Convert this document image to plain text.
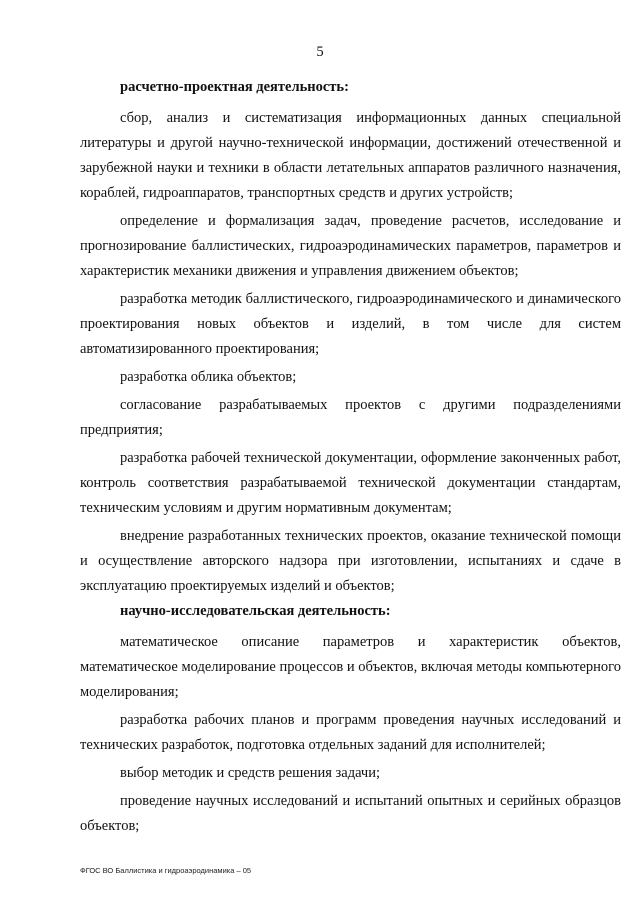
5
расчетно-проектная деятельность:

сбор, анализ и систематизация информационных данных специальной литературы и другой научно-технической информации, достижений отечественной и зарубежной науки и техники в области летательных аппаратов различного назначения, кораблей, гидроаппаратов, транспортных средств и других устройств;

определение и формализация задач, проведение расчетов, исследование и прогнозирование баллистических, гидроаэродинамических параметров, параметров и характеристик механики движения и управления движением объектов;

разработка методик баллистического, гидроаэродинамического и динамического проектирования новых объектов и изделий, в том числе для систем автоматизированного проектирования;

разработка облика объектов;

согласование разрабатываемых проектов с другими подразделениями предприятия;

разработка рабочей технической документации, оформление законченных работ, контроль соответствия разрабатываемой технической документации стандартам, техническим условиям и другим нормативным документам;

внедрение разработанных технических проектов, оказание технической помощи и осуществление авторского надзора при изготовлении, испытаниях и сдаче в эксплуатацию проектируемых изделий и объектов;

научно-исследовательская деятельность:

математическое описание параметров и характеристик объектов, математическое моделирование процессов и объектов, включая методы компьютерного моделирования;

разработка рабочих планов и программ проведения научных исследований и технических разработок, подготовка отдельных заданий для исполнителей;

выбор методик и средств решения задачи;

проведение научных исследований и испытаний опытных и серийных образцов объектов;

ФГОС ВО Баллистика и гидроаэродинамика – 05
